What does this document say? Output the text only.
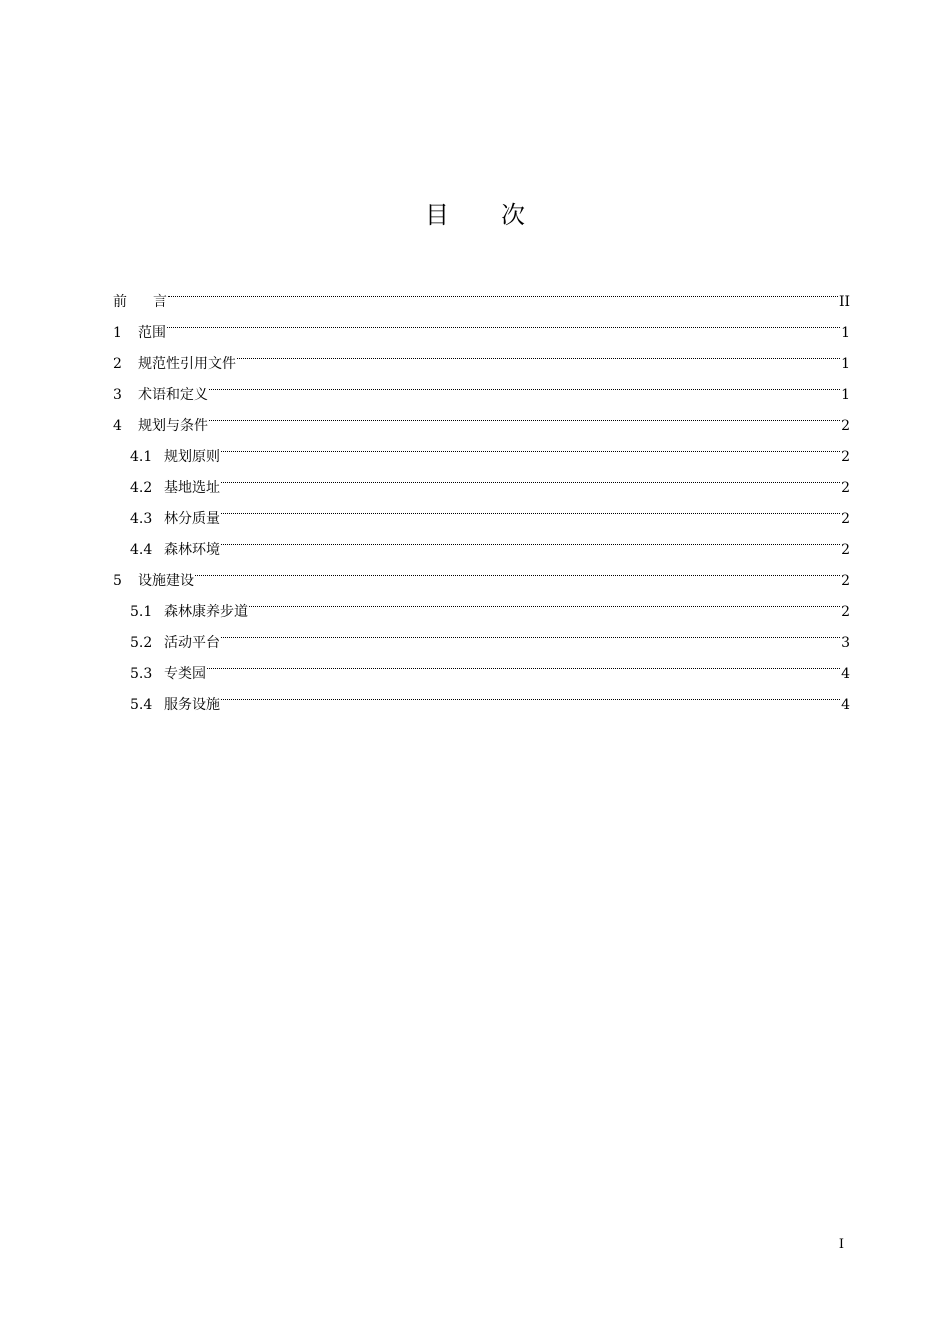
目 次
前 言	II
1	范围	1
2	规范性引用文件	1
3	术语和定义	1
4	规划与条件	2
4.1 规划原则	2
4.2 基地选址	2
4.3 林分质量	2
4.4 森林环境	2
5	设施建设	2
5.1 森林康养步道	2
5.2 活动平台	3
5.3 专类园	4
5.4 服务设施	4
I
